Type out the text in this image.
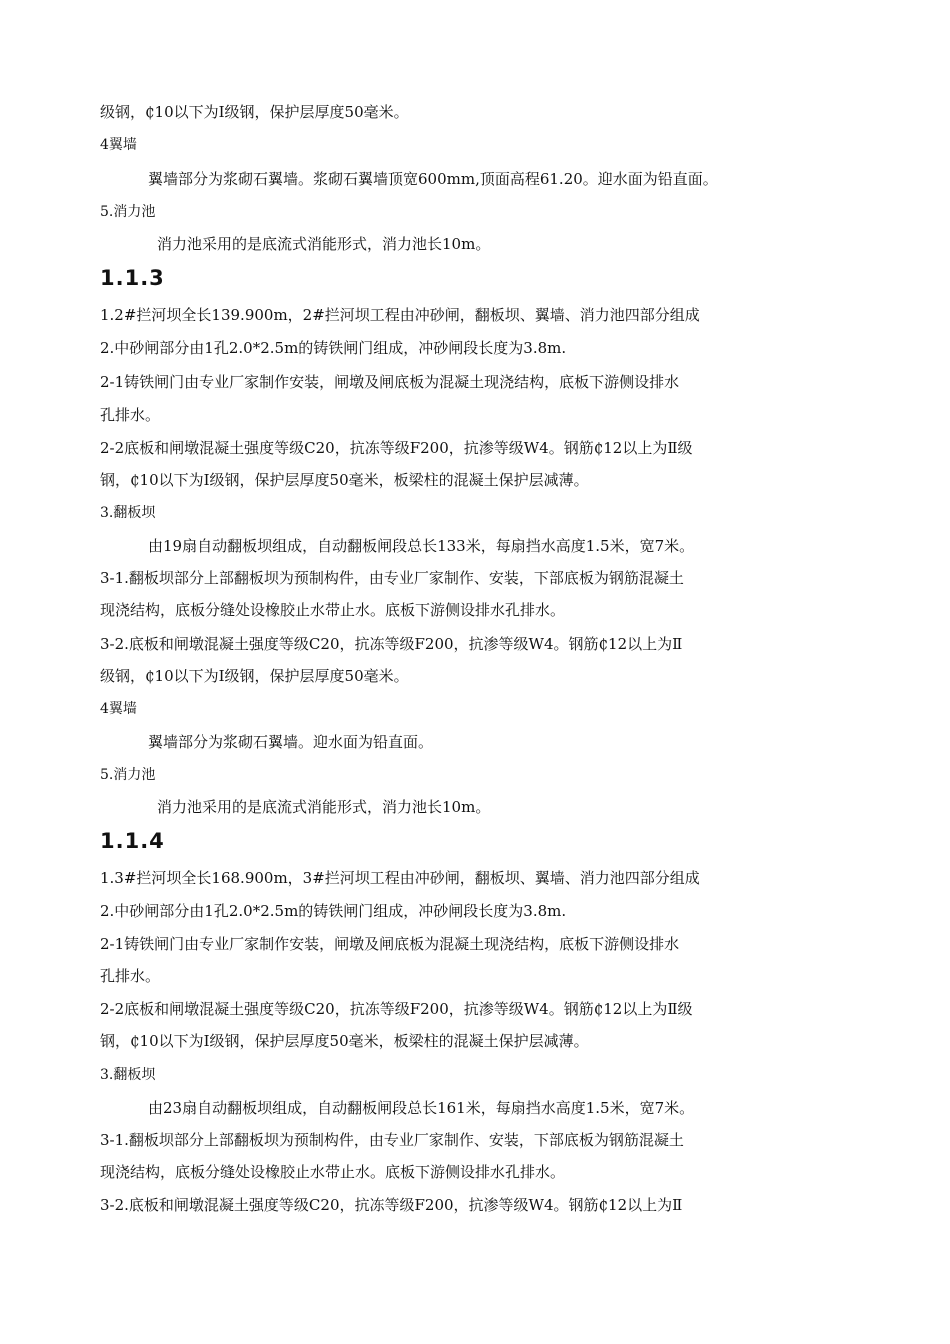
级钢，₵10以下为Ⅰ级钢，保护层厚度50毫米。
4翼墙
翼墙部分为浆砌石翼墙。浆砌石翼墙顶宽600mm,顶面高程61.20。迎水面为铅直面。
5.消力池
消力池采用的是底流式消能形式，消力池长10m。
1.1.3
1.2#拦河坝全长139.900m，2#拦河坝工程由冲砂闸，翻板坝、翼墙、消力池四部分组成
2.中砂闸部分由1孔2.0*2.5m的铸铁闸门组成，冲砂闸段长度为3.8m.
2-1铸铁闸门由专业厂家制作安装，闸墩及闸底板为混凝土现浇结构，底板下游侧设排水
孔排水。
2-2底板和闸墩混凝土强度等级C20，抗冻等级F200，抗渗等级W4。钢筋₵12以上为Ⅱ级
钢，₵10以下为Ⅰ级钢，保护层厚度50毫米，板梁柱的混凝土保护层减薄。
3.翻板坝
由19扇自动翻板坝组成，自动翻板闸段总长133米，每扇挡水高度1.5米，宽7米。
3-1.翻板坝部分上部翻板坝为预制构件，由专业厂家制作、安装，下部底板为钢筋混凝土
现浇结构，底板分缝处设橡胶止水带止水。底板下游侧设排水孔排水。
3-2.底板和闸墩混凝土强度等级C20，抗冻等级F200，抗渗等级W4。钢筋₵12以上为Ⅱ
级钢，₵10以下为Ⅰ级钢，保护层厚度50毫米。
4翼墙
翼墙部分为浆砌石翼墙。迎水面为铅直面。
5.消力池
消力池采用的是底流式消能形式，消力池长10m。
1.1.4
1.3#拦河坝全长168.900m，3#拦河坝工程由冲砂闸，翻板坝、翼墙、消力池四部分组成
2.中砂闸部分由1孔2.0*2.5m的铸铁闸门组成，冲砂闸段长度为3.8m.
2-1铸铁闸门由专业厂家制作安装，闸墩及闸底板为混凝土现浇结构，底板下游侧设排水
孔排水。
2-2底板和闸墩混凝土强度等级C20，抗冻等级F200，抗渗等级W4。钢筋₵12以上为Ⅱ级
钢，₵10以下为Ⅰ级钢，保护层厚度50毫米，板梁柱的混凝土保护层减薄。
3.翻板坝
由23扇自动翻板坝组成，自动翻板闸段总长161米，每扇挡水高度1.5米，宽7米。
3-1.翻板坝部分上部翻板坝为预制构件，由专业厂家制作、安装，下部底板为钢筋混凝土
现浇结构，底板分缝处设橡胶止水带止水。底板下游侧设排水孔排水。
3-2.底板和闸墩混凝土强度等级C20，抗冻等级F200，抗渗等级W4。钢筋₵12以上为Ⅱ
